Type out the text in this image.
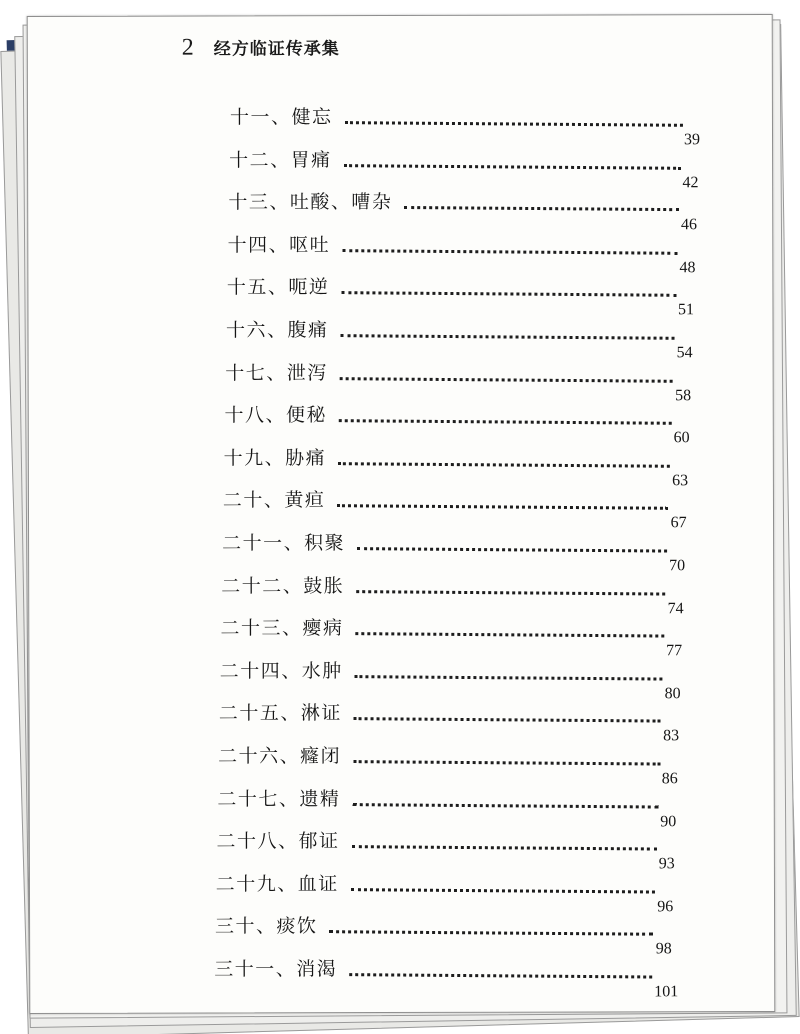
2 经方临证传承集
十一、健忘
39
十二、胃痛
42
十三、吐酸、嘈杂
46
十四、呕吐
48
十五、呃逆
51
十六、腹痛
54
十七、泄泻
58
十八、便秘
60
十九、胁痛
63
二十、黄疸
67
二十一、积聚
70
二十二、鼓胀
74
二十三、瘿病
77
二十四、水肿
80
二十五、淋证
83
二十六、癃闭
86
二十七、遗精
90
二十八、郁证
93
二十九、血证
96
三十、痰饮
98
三十一、消渴
101
